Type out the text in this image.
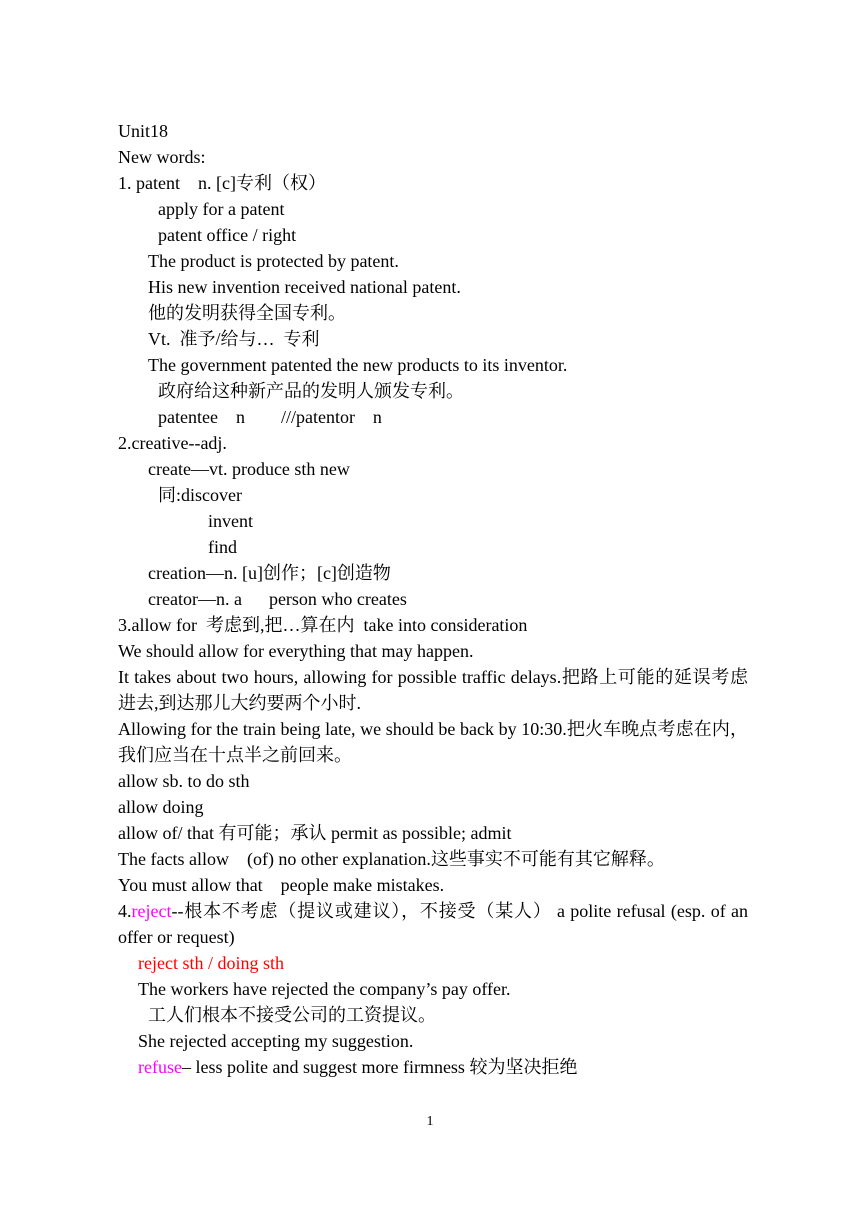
Unit18
New words:
1. patent    n. [c]专利（权）
apply for a patent
patent office / right
The product is protected by patent.
His new invention received national patent.
他的发明获得全国专利。
Vt.  准予/给与…  专利
The government patented the new products to its inventor.
政府给这种新产品的发明人颁发专利。
patentee    n        ///patentor    n
2.creative--adj.
create—vt. produce sth new
同:discover
invent
find
creation—n. [u]创作；[c]创造物
creator—n. a      person who creates
3.allow for  考虑到,把…算在内  take into consideration
We should allow for everything that may happen.
It takes about two hours, allowing for possible traffic delays.把路上可能的延误考虑进去,到达那儿大约要两个小时.
Allowing for the train being late, we should be back by 10:30.把火车晚点考虑在内，我们应当在十点半之前回来。
allow sb. to do sth
allow doing
allow of/ that 有可能；承认 permit as possible; admit
The facts allow    (of) no other explanation.这些事实不可能有其它解释。
You must allow that    people make mistakes.
4.reject--根本不考虑（提议或建议），不接受（某人） a polite refusal (esp. of an offer or request)
reject sth / doing sth
The workers have rejected the company’s pay offer.
工人们根本不接受公司的工资提议。
She rejected accepting my suggestion.
refuse– less polite and suggest more firmness 较为坚决拒绝
1
